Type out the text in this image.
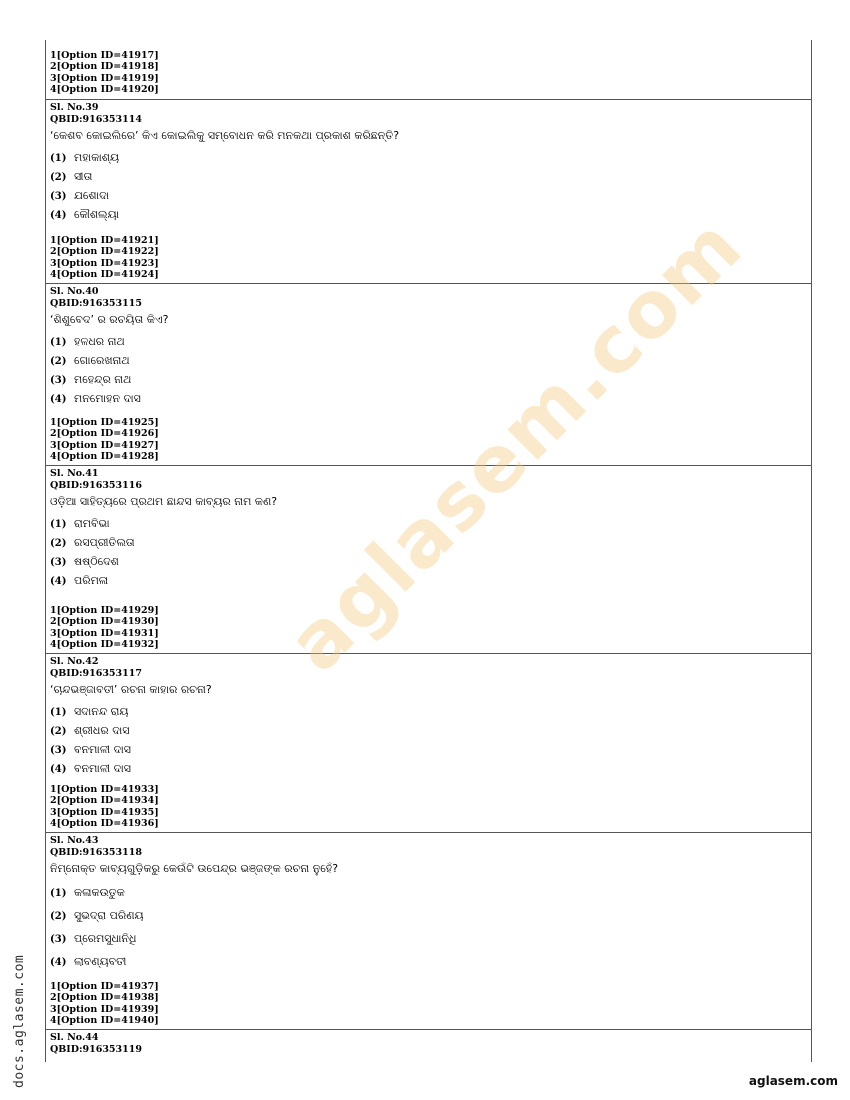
1[Option ID=41917]
2[Option ID=41918]
3[Option ID=41919]
4[Option ID=41920]
Sl. No.39
QBID:916353114
‘କେଶବ କୋଇଲିରେ’ କିଏ କୋଇଲିକୁ ସମ୍ବୋଧନ କରି ମନକଥା ପ୍ରକାଶ କରିଛନ୍ତି?
(1) ମହାକାଶ୍ୟ
(2) ସୀତା
(3) ଯଶୋଦା
(4) କୌଶଲ୍ୟା
1[Option ID=41921]
2[Option ID=41922]
3[Option ID=41923]
4[Option ID=41924]
Sl. No.40
QBID:916353115
‘ଶିଶୁବେଦ’ ର ରଚୟିତା କିଏ?
(1) ହଳଧର ନାଥ
(2) ଗୋରେଖନାଥ
(3) ମହେନ୍ଦ୍ର ନାଥ
(4) ମନମୋହନ ଦାସ
1[Option ID=41925]
2[Option ID=41926]
3[Option ID=41927]
4[Option ID=41928]
Sl. No.41
QBID:916353116
ଓଡ଼ିଆ ସାହିତ୍ୟରେ ପ୍ରଥମ ଛାନ୍ଦସ କାବ୍ୟର ନାମ କଣ?
(1) ରାମବିଭା
(2) ରସପ୍ରୀତିଲତା
(3) ଷଷ୍ଠିଦେଶ
(4) ପରିମଳା
1[Option ID=41929]
2[Option ID=41930]
3[Option ID=41931]
4[Option ID=41932]
Sl. No.42
QBID:916353117
‘ଚାନ୍ଦଭଞ୍ଜାବତୀ’ ରଚନା କାହାର ରଚନା?
(1) ସଦାନନ୍ଦ ରାୟ
(2) ଶ୍ରୀଧର ଦାସ
(3) ବନମାଳୀ ଦାସ
(4) ବନମାଳୀ ଦାସ
1[Option ID=41933]
2[Option ID=41934]
3[Option ID=41935]
4[Option ID=41936]
Sl. No.43
QBID:916353118
ନିମ୍ନୋକ୍ତ କାବ୍ୟଗୁଡ଼ିକରୁ କେଉଁଟି ଉପେନ୍ଦ୍ର ଭଞ୍ଜଙ୍କ ରଚନା ନୁହେଁ?
(1) କଳାକଉତୁକ
(2) ସୁଭଦ୍ରା ପରିଣୟ
(3) ପ୍ରେମସୁଧାନିଧି
(4) ଲାବଣ୍ୟବତୀ
1[Option ID=41937]
2[Option ID=41938]
3[Option ID=41939]
4[Option ID=41940]
Sl. No.44
QBID:916353119
aglasem.com
docs.aglasem.com	aglasem.com
